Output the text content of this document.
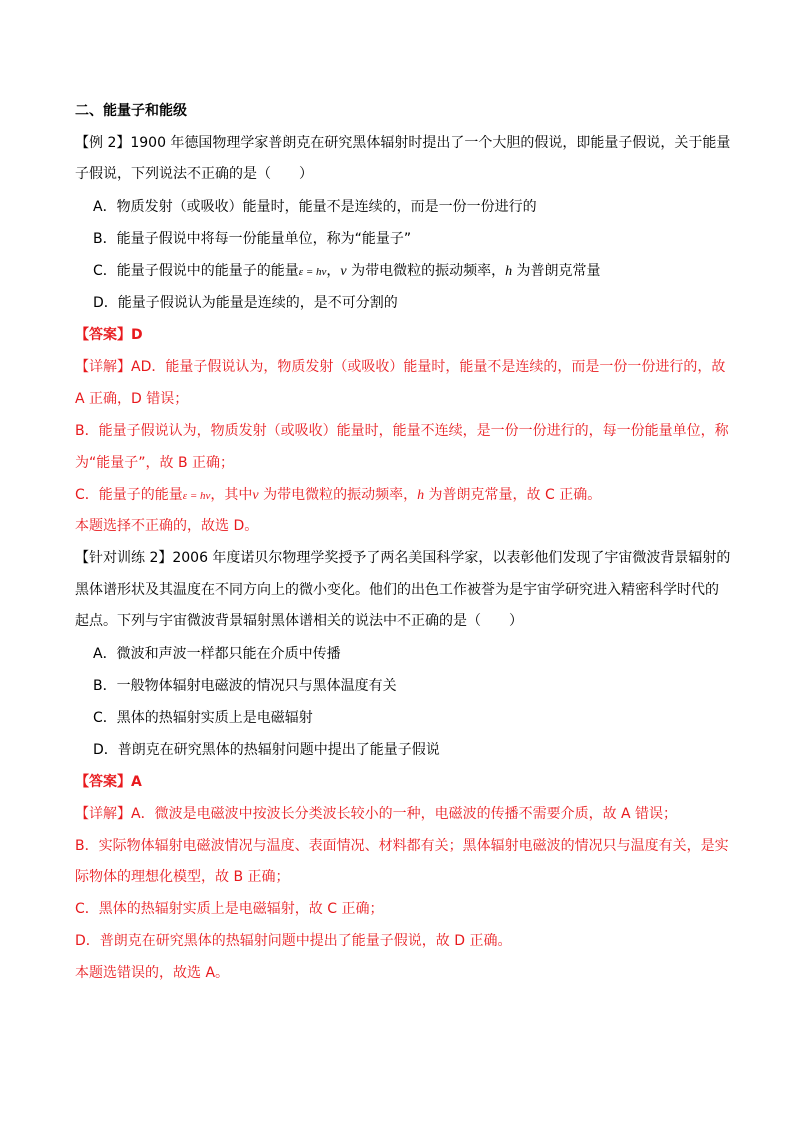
二、能量子和能级
【例 2】1900 年德国物理学家普朗克在研究黑体辐射时提出了一个大胆的假说，即能量子假说，关于能量
子假说，下列说法不正确的是（　　）
A．物质发射（或吸收）能量时，能量不是连续的，而是一份一份进行的
B．能量子假说中将每一份能量单位，称为“能量子”
C．能量子假说中的能量子的能量ε = hν，ν 为带电微粒的振动频率，h 为普朗克常量
D．能量子假说认为能量是连续的，是不可分割的
【答案】D
【详解】AD．能量子假说认为，物质发射（或吸收）能量时，能量不是连续的，而是一份一份进行的，故
A 正确，D 错误；
B．能量子假说认为，物质发射（或吸收）能量时，能量不连续，是一份一份进行的，每一份能量单位，称
为“能量子”，故 B 正确；
C．能量子的能量ε = hν，其中ν 为带电微粒的振动频率，h 为普朗克常量，故 C 正确。
本题选择不正确的，故选 D。
【针对训练 2】2006 年度诺贝尔物理学奖授予了两名美国科学家，以表彰他们发现了宇宙微波背景辐射的
黑体谱形状及其温度在不同方向上的微小变化。他们的出色工作被誉为是宇宙学研究进入精密科学时代的
起点。下列与宇宙微波背景辐射黑体谱相关的说法中不正确的是（　　）
A．微波和声波一样都只能在介质中传播
B．一般物体辐射电磁波的情况只与黑体温度有关
C．黑体的热辐射实质上是电磁辐射
D．普朗克在研究黑体的热辐射问题中提出了能量子假说
【答案】A
【详解】A．微波是电磁波中按波长分类波长较小的一种，电磁波的传播不需要介质，故 A 错误；
B．实际物体辐射电磁波情况与温度、表面情况、材料都有关；黑体辐射电磁波的情况只与温度有关，是实
际物体的理想化模型，故 B 正确；
C．黑体的热辐射实质上是电磁辐射，故 C 正确；
D．普朗克在研究黑体的热辐射问题中提出了能量子假说，故 D 正确。
本题选错误的，故选 A。
